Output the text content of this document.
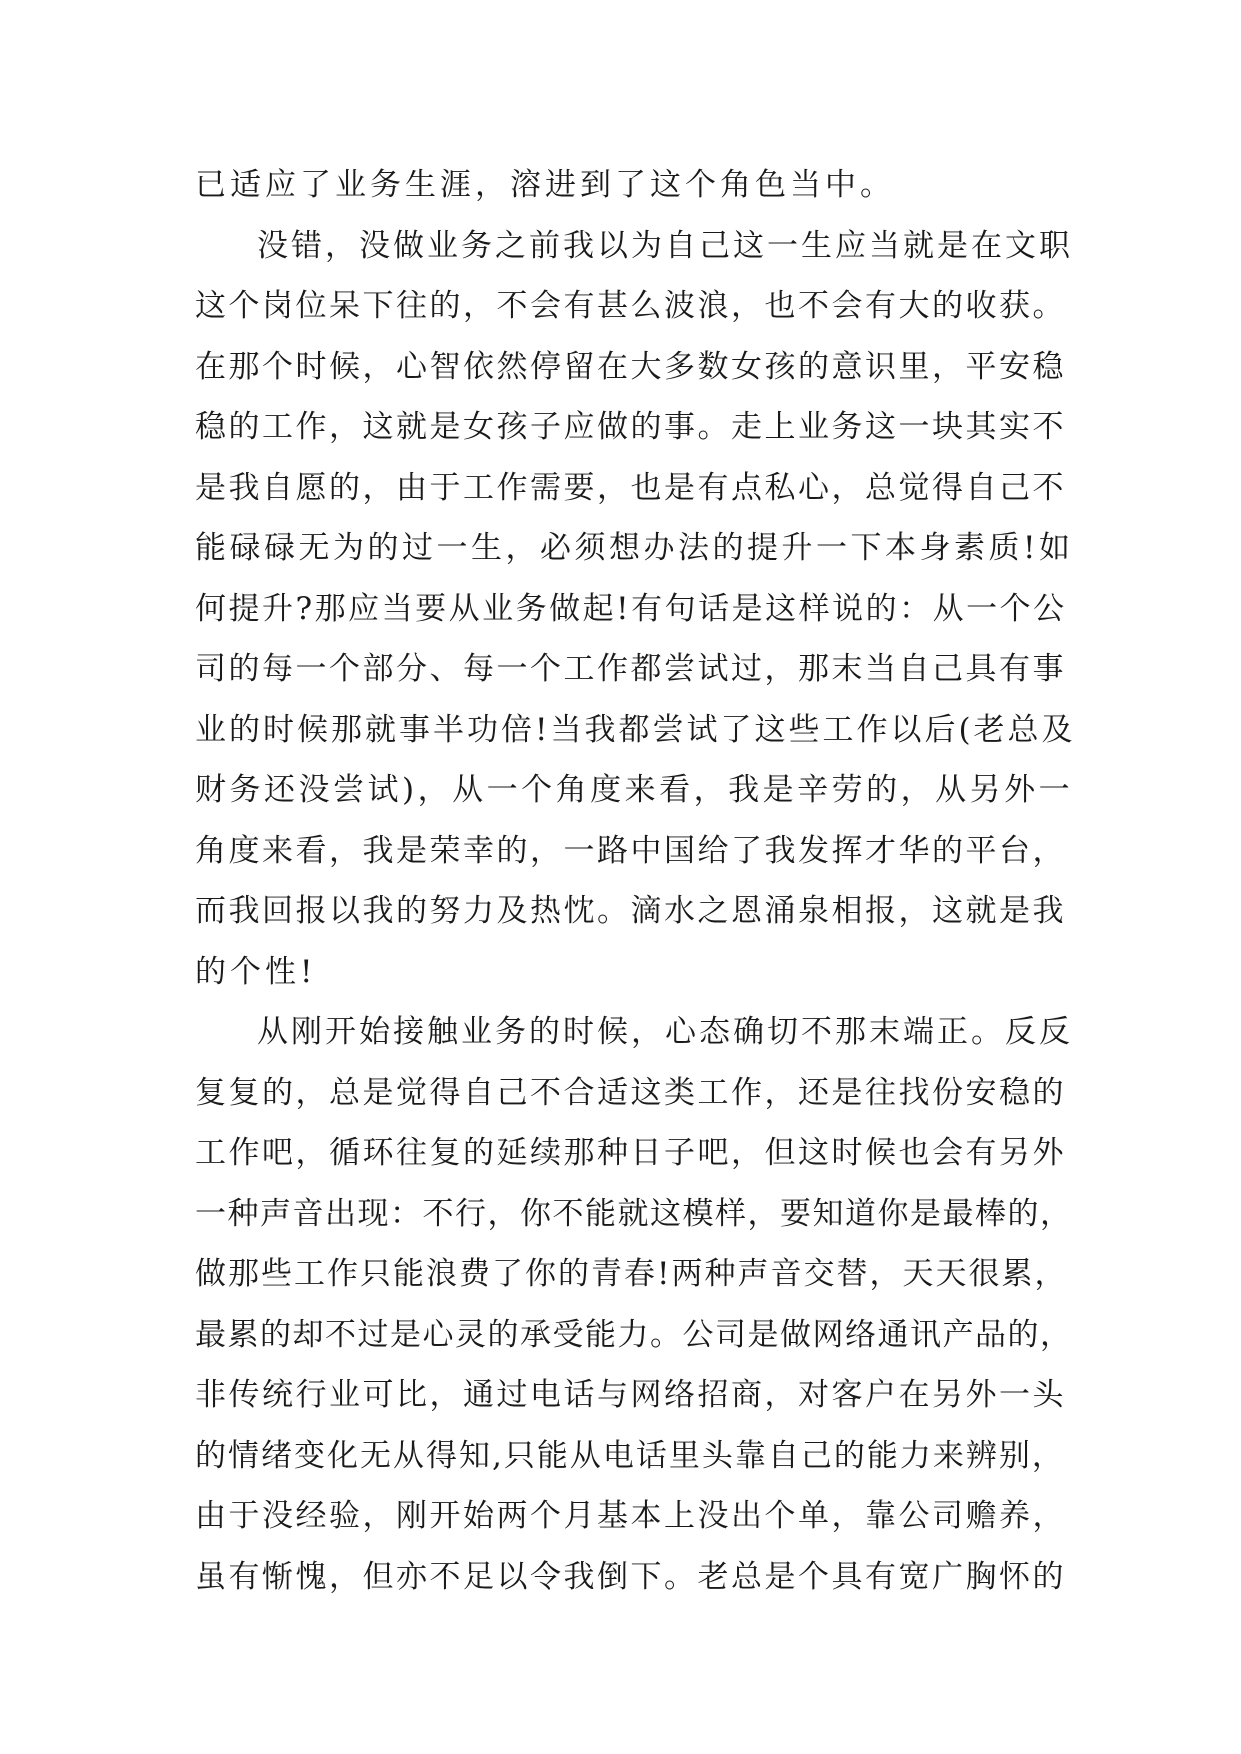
已适应了业务生涯，溶进到了这个角色当中。
没错，没做业务之前我以为自己这一生应当就是在文职
这个岗位呆下往的，不会有甚么波浪，也不会有大的收获。
在那个时候，心智依然停留在大多数女孩的意识里，平安稳
稳的工作，这就是女孩子应做的事。走上业务这一块其实不
是我自愿的，由于工作需要，也是有点私心，总觉得自己不
能碌碌无为的过一生，必须想办法的提升一下本身素质!如
何提升?那应当要从业务做起!有句话是这样说的：从一个公
司的每一个部分、每一个工作都尝试过，那末当自己具有事
业的时候那就事半功倍!当我都尝试了这些工作以后(老总及
财务还没尝试)，从一个角度来看，我是辛劳的，从另外一
角度来看，我是荣幸的，一路中国给了我发挥才华的平台，
而我回报以我的努力及热忱。滴水之恩涌泉相报，这就是我
的个性!
从刚开始接触业务的时候，心态确切不那末端正。反反
复复的，总是觉得自己不合适这类工作，还是往找份安稳的
工作吧，循环往复的延续那种日子吧，但这时候也会有另外
一种声音出现：不行，你不能就这模样，要知道你是最棒的，
做那些工作只能浪费了你的青春!两种声音交替，天天很累，
最累的却不过是心灵的承受能力。公司是做网络通讯产品的，
非传统行业可比，通过电话与网络招商，对客户在另外一头
的情绪变化无从得知,只能从电话里头靠自己的能力来辨别，
由于没经验，刚开始两个月基本上没出个单，靠公司赡养，
虽有惭愧，但亦不足以令我倒下。老总是个具有宽广胸怀的
